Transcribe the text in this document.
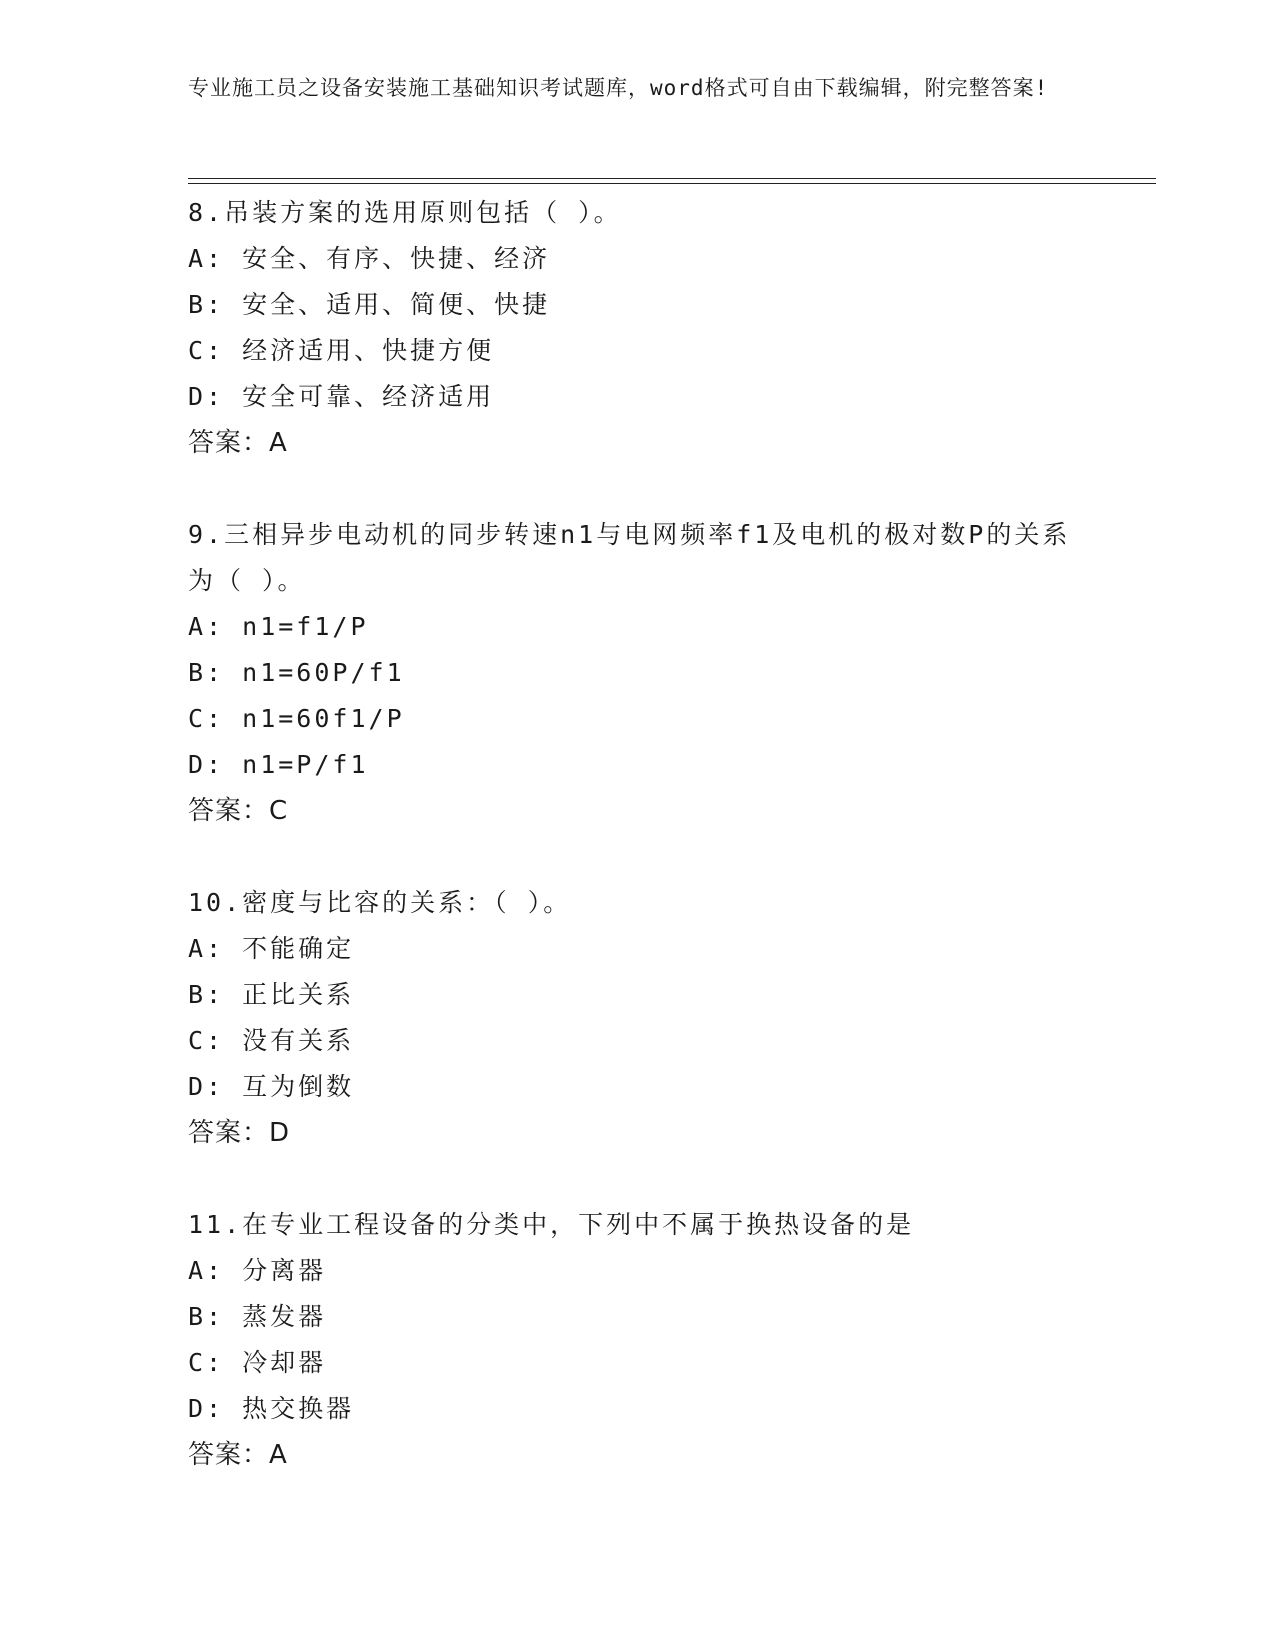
专业施工员之设备安装施工基础知识考试题库，word格式可自由下载编辑，附完整答案!

8.吊装方案的选用原则包括（ ）。

A: 安全、有序、快捷、经济

B: 安全、适用、简便、快捷

C: 经济适用、快捷方便

D: 安全可靠、经济适用

答案：A

9.三相异步电动机的同步转速n1与电网频率f1及电机的极对数P的关系为（ ）。

A: n1=f1/P

B: n1=60P/f1

C: n1=60f1/P

D: n1=P/f1

答案：C

10.密度与比容的关系：（ ）。

A: 不能确定

B: 正比关系

C: 没有关系

D: 互为倒数

答案：D

11.在专业工程设备的分类中，下列中不属于换热设备的是

A: 分离器

B: 蒸发器

C: 冷却器

D: 热交换器

答案：A
